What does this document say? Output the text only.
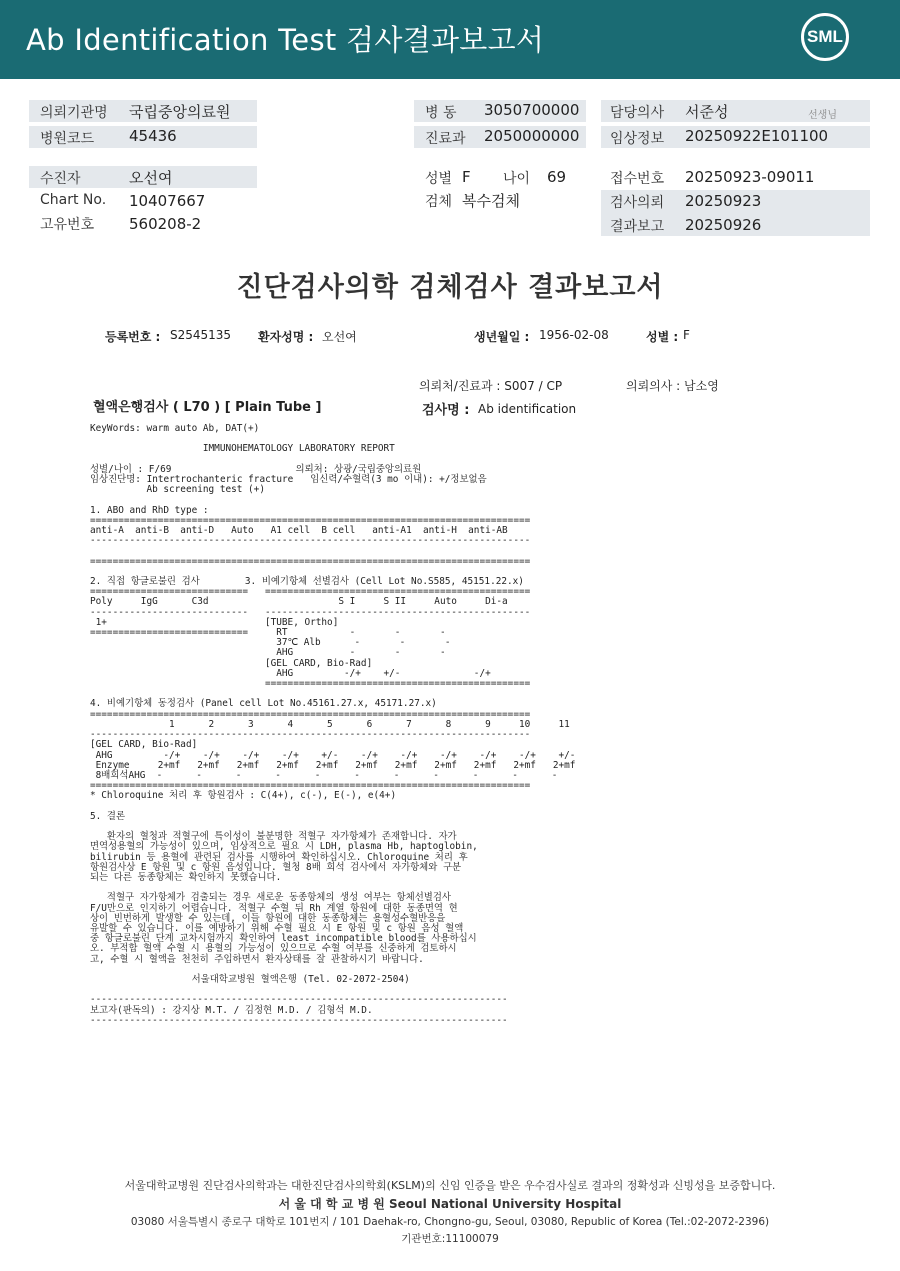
Ab Identification Test 검사결과보고서	SML
의뢰기관명 국립중앙의료원
병원코드 45436
수진자	오선여
Chart No. 10407667
고유번호 560208-2
병 동 3050700000
진료과 2050000000
성별 F 나이 69
검체 복수검체
담당의사 서준성	선생님
임상정보 20250922E101100
접수번호 20250923-09011
검사의뢰 20250923
결과보고 20250926
진단검사의학 검체검사 결과보고서
등록번호 : S2545135 환자성명 : 오선여	생년월일 : 1956-02-08	성별 : F
의뢰처/진료과 : S007 / CP	의뢰의사 : 남소영
혈액은행검사 ( L70 ) [ Plain Tube ]	검사명 : Ab identification
KeyWords: warm auto Ab, DAT(+)

IMMUNOHEMATOLOGY LABORATORY REPORT

성별/나이 : F/69                      의뢰처: 상광/국립중앙의료원
임상진단명: Intertrochanteric fracture   임신력/수혈력(3 mo 이내): +/정보없음
Ab screening test (+)

1. ABO and RhD type :
==============================================================================
anti-A  anti-B  anti-D   Auto   A1 cell  B cell   anti-A1  anti-H  anti-AB
------------------------------------------------------------------------------

==============================================================================

2. 직접 항글로불린 검사        3. 비예기항체 선별검사 (Cell Lot No.S585, 45151.22.x)
============================   ===============================================
Poly     IgG      C3d                       S I     S II     Auto     Di-a
----------------------------   -----------------------------------------------
1+                            [TUBE, Ortho]
============================     RT           -       -       -
37℃ Alb      -       -       -
AHG          -       -       -
[GEL CARD, Bio-Rad]
AHG         -/+    +/-             -/+
===============================================

4. 비예기항체 동정검사 (Panel cell Lot No.45161.27.x, 45171.27.x)
==============================================================================
1      2      3      4      5      6      7      8      9     10     11
------------------------------------------------------------------------------
[GEL CARD, Bio-Rad]
AHG         -/+    -/+    -/+    -/+    +/-    -/+    -/+    -/+    -/+    -/+    +/-
Enzyme     2+mf   2+mf   2+mf   2+mf   2+mf   2+mf   2+mf   2+mf   2+mf   2+mf   2+mf
8배희석AHG  -      -      -      -      -      -      -      -      -      -      -
==============================================================================
* Chloroquine 처리 후 항원검사 : C(4+), c(-), E(-), e(4+)

5. 결론

환자의 혈청과 적혈구에 특이성이 불분명한 적혈구 자가항체가 존재합니다. 자가
면역성용혈의 가능성이 있으며, 임상적으로 필요 시 LDH, plasma Hb, haptoglobin,
bilirubin 등 용혈에 관련된 검사를 시행하여 확인하십시오. Chloroquine 처리 후
항원검사상 E 항원 및 c 항원 음성입니다. 혈청 8배 희석 검사에서 자가항체와 구분
되는 다른 동종항체는 확인하지 못했습니다.

적혈구 자가항체가 검출되는 경우 새로운 동종항체의 생성 여부는 항체선별검사
F/U만으로 인지하기 어렵습니다. 적혈구 수혈 뒤 Rh 계열 항원에 대한 동종면역 현
상이 빈번하게 발생할 수 있는데, 이들 항원에 대한 동종항체는 용혈성수혈반응을
유발할 수 있습니다. 이를 예방하기 위해 수혈 필요 시 E 항원 및 c 항원 음성 혈액
중 항글로불린 단계 교차시험까지 확인하여 least incompatible blood를 사용하십시
오. 부적합 혈액 수혈 시 용혈의 가능성이 있으므로 수혈 여부를 신중하게 검토하시
고, 수혈 시 혈액을 천천히 주입하면서 환자상태를 잘 관찰하시기 바랍니다.

서울대학교병원 혈액은행 (Tel. 02-2072-2504)

--------------------------------------------------------------------------
보고자(판독의) : 강지상 M.T. / 김정현 M.D. / 김형석 M.D.
--------------------------------------------------------------------------
서울대학교병원 진단검사의학과는 대한진단검사의학회(KSLM)의 신임 인증을 받은 우수검사실로 결과의 정확성과 신빙성을 보증합니다.
서 울 대 학 교 병 원 Seoul National University Hospital
03080 서울특별시 종로구 대학로 101번지 / 101 Daehak-ro, Chongno-gu, Seoul, 03080, Republic of Korea (Tel.:02-2072-2396)
기관번호:11100079
